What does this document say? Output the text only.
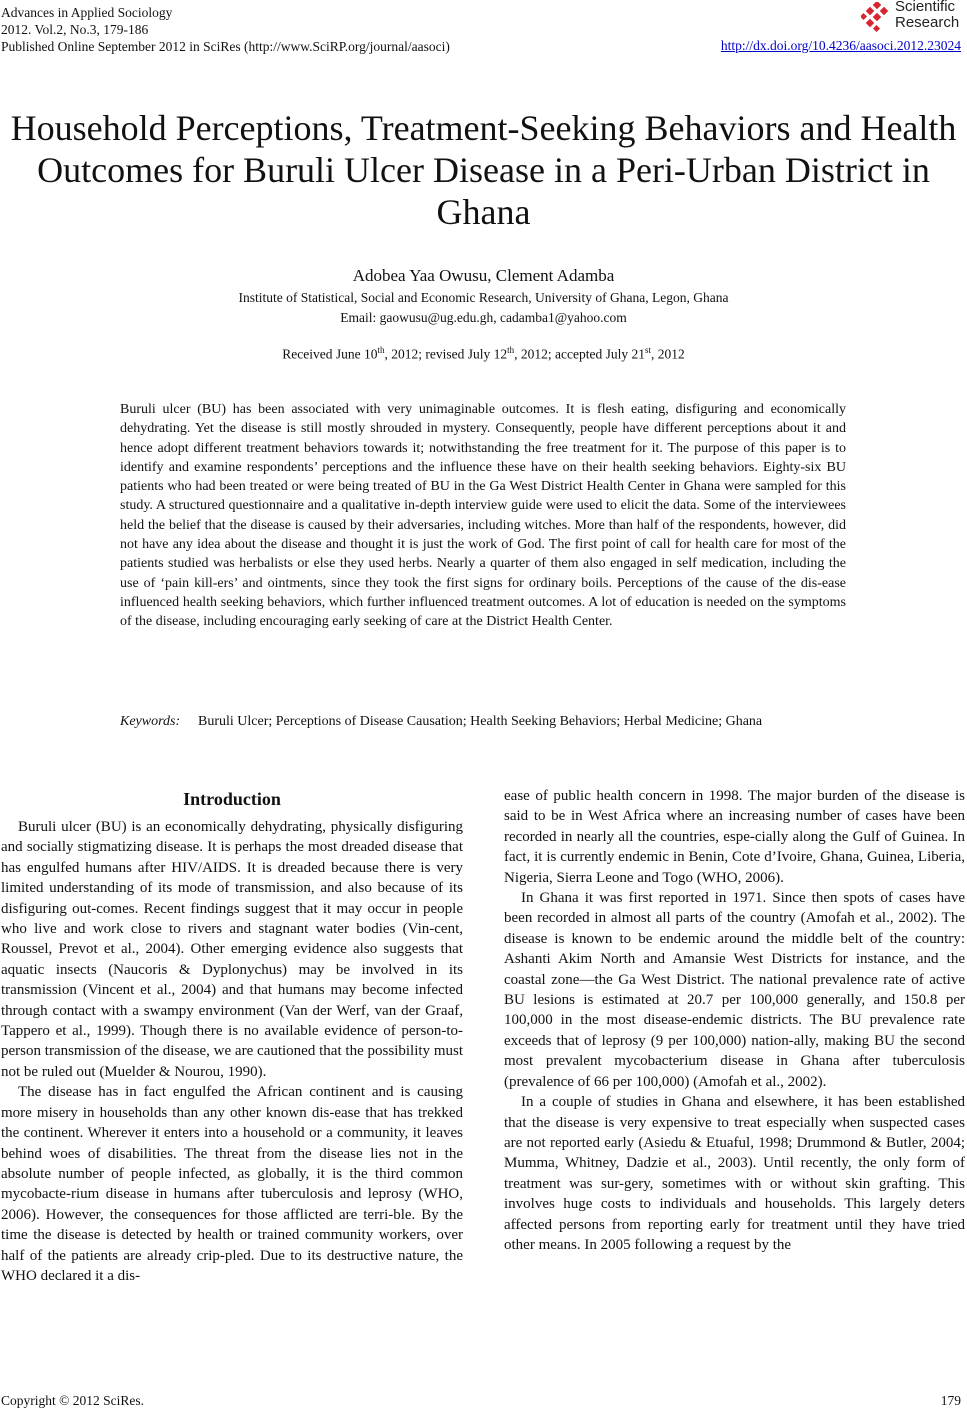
Advances in Applied Sociology
2012. Vol.2, No.3, 179-186
Published Online September 2012 in SciRes (http://www.SciRP.org/journal/aasoci)
Scientific
Research
http://dx.doi.org/10.4236/aasoci.2012.23024
Household Perceptions, Treatment-Seeking Behaviors and Health Outcomes for Buruli Ulcer Disease in a Peri-Urban District in Ghana
Adobea Yaa Owusu, Clement Adamba
Institute of Statistical, Social and Economic Research, University of Ghana, Legon, Ghana
Email: gaowusu@ug.edu.gh, cadamba1@yahoo.com
Received June 10th, 2012; revised July 12th, 2012; accepted July 21st, 2012
Buruli ulcer (BU) has been associated with very unimaginable outcomes. It is flesh eating, disfiguring and economically dehydrating. Yet the disease is still mostly shrouded in mystery. Consequently, people have different perceptions about it and hence adopt different treatment behaviors towards it; notwithstanding the free treatment for it. The purpose of this paper is to identify and examine respondents’ perceptions and the influence these have on their health seeking behaviors. Eighty-six BU patients who had been treated or were being treated of BU in the Ga West District Health Center in Ghana were sampled for this study. A structured questionnaire and a qualitative in-depth interview guide were used to elicit the data. Some of the interviewees held the belief that the disease is caused by their adversaries, including witches. More than half of the respondents, however, did not have any idea about the disease and thought it is just the work of God. The first point of call for health care for most of the patients studied was herbalists or else they used herbs. Nearly a quarter of them also engaged in self medication, including the use of ‘pain kill-ers’ and ointments, since they took the first signs for ordinary boils. Perceptions of the cause of the dis-ease influenced health seeking behaviors, which further influenced treatment outcomes. A lot of education is needed on the symptoms of the disease, including encouraging early seeking of care at the District Health Center.
Keywords:	Buruli Ulcer; Perceptions of Disease Causation; Health Seeking Behaviors; Herbal Medicine; Ghana
Introduction

Buruli ulcer (BU) is an economically dehydrating, physically disfiguring and socially stigmatizing disease. It is perhaps the most dreaded disease that has engulfed humans after HIV/AIDS. It is dreaded because there is very limited understanding of its mode of transmission, and also because of its disfiguring out-comes. Recent findings suggest that it may occur in people who live and work close to rivers and stagnant water bodies (Vin-cent, Roussel, Prevot et al., 2004). Other emerging evidence also suggests that aquatic insects (Naucoris & Dyplonychus) may be involved in its transmission (Vincent et al., 2004) and that humans may become infected through contact with a swampy environment (Van der Werf, van der Graaf, Tappero et al., 1999). Though there is no available evidence of person-to-person transmission of the disease, we are cautioned that the possibility must not be ruled out (Muelder & Nourou, 1990).

The disease has in fact engulfed the African continent and is causing more misery in households than any other known dis-ease that has trekked the continent. Wherever it enters into a household or a community, it leaves behind woes of disabilities. The threat from the disease lies not in the absolute number of people infected, as globally, it is the third common mycobacte-rium disease in humans after tuberculosis and leprosy (WHO, 2006). However, the consequences for those afflicted are terri-ble. By the time the disease is detected by health or trained community workers, over half of the patients are already crip-pled. Due to its destructive nature, the WHO declared it a dis-

ease of public health concern in 1998. The major burden of the disease is said to be in West Africa where an increasing number of cases have been recorded in nearly all the countries, espe-cially along the Gulf of Guinea. In fact, it is currently endemic in Benin, Cote d’Ivoire, Ghana, Guinea, Liberia, Nigeria, Sierra Leone and Togo (WHO, 2006).

In Ghana it was first reported in 1971. Since then spots of cases have been recorded in almost all parts of the country (Amofah et al., 2002). The disease is known to be endemic around the middle belt of the country: Ashanti Akim North and Amansie West Districts for instance, and the coastal zone—the Ga West District. The national prevalence rate of active BU lesions is estimated at 20.7 per 100,000 generally, and 150.8 per 100,000 in the most disease-endemic districts. The BU prevalence rate exceeds that of leprosy (9 per 100,000) nation-ally, making BU the second most prevalent mycobacterium disease in Ghana after tuberculosis (prevalence of 66 per 100,000) (Amofah et al., 2002).

In a couple of studies in Ghana and elsewhere, it has been established that the disease is very expensive to treat especially when suspected cases are not reported early (Asiedu & Etuaful, 1998; Drummond & Butler, 2004; Mumma, Whitney, Dadzie et al., 2003). Until recently, the only form of treatment was sur-gery, sometimes with or without skin grafting. This involves huge costs to individuals and households. This largely deters affected persons from reporting early for treatment until they have tried other means. In 2005 following a request by the

Copyright © 2012 SciRes.	179
